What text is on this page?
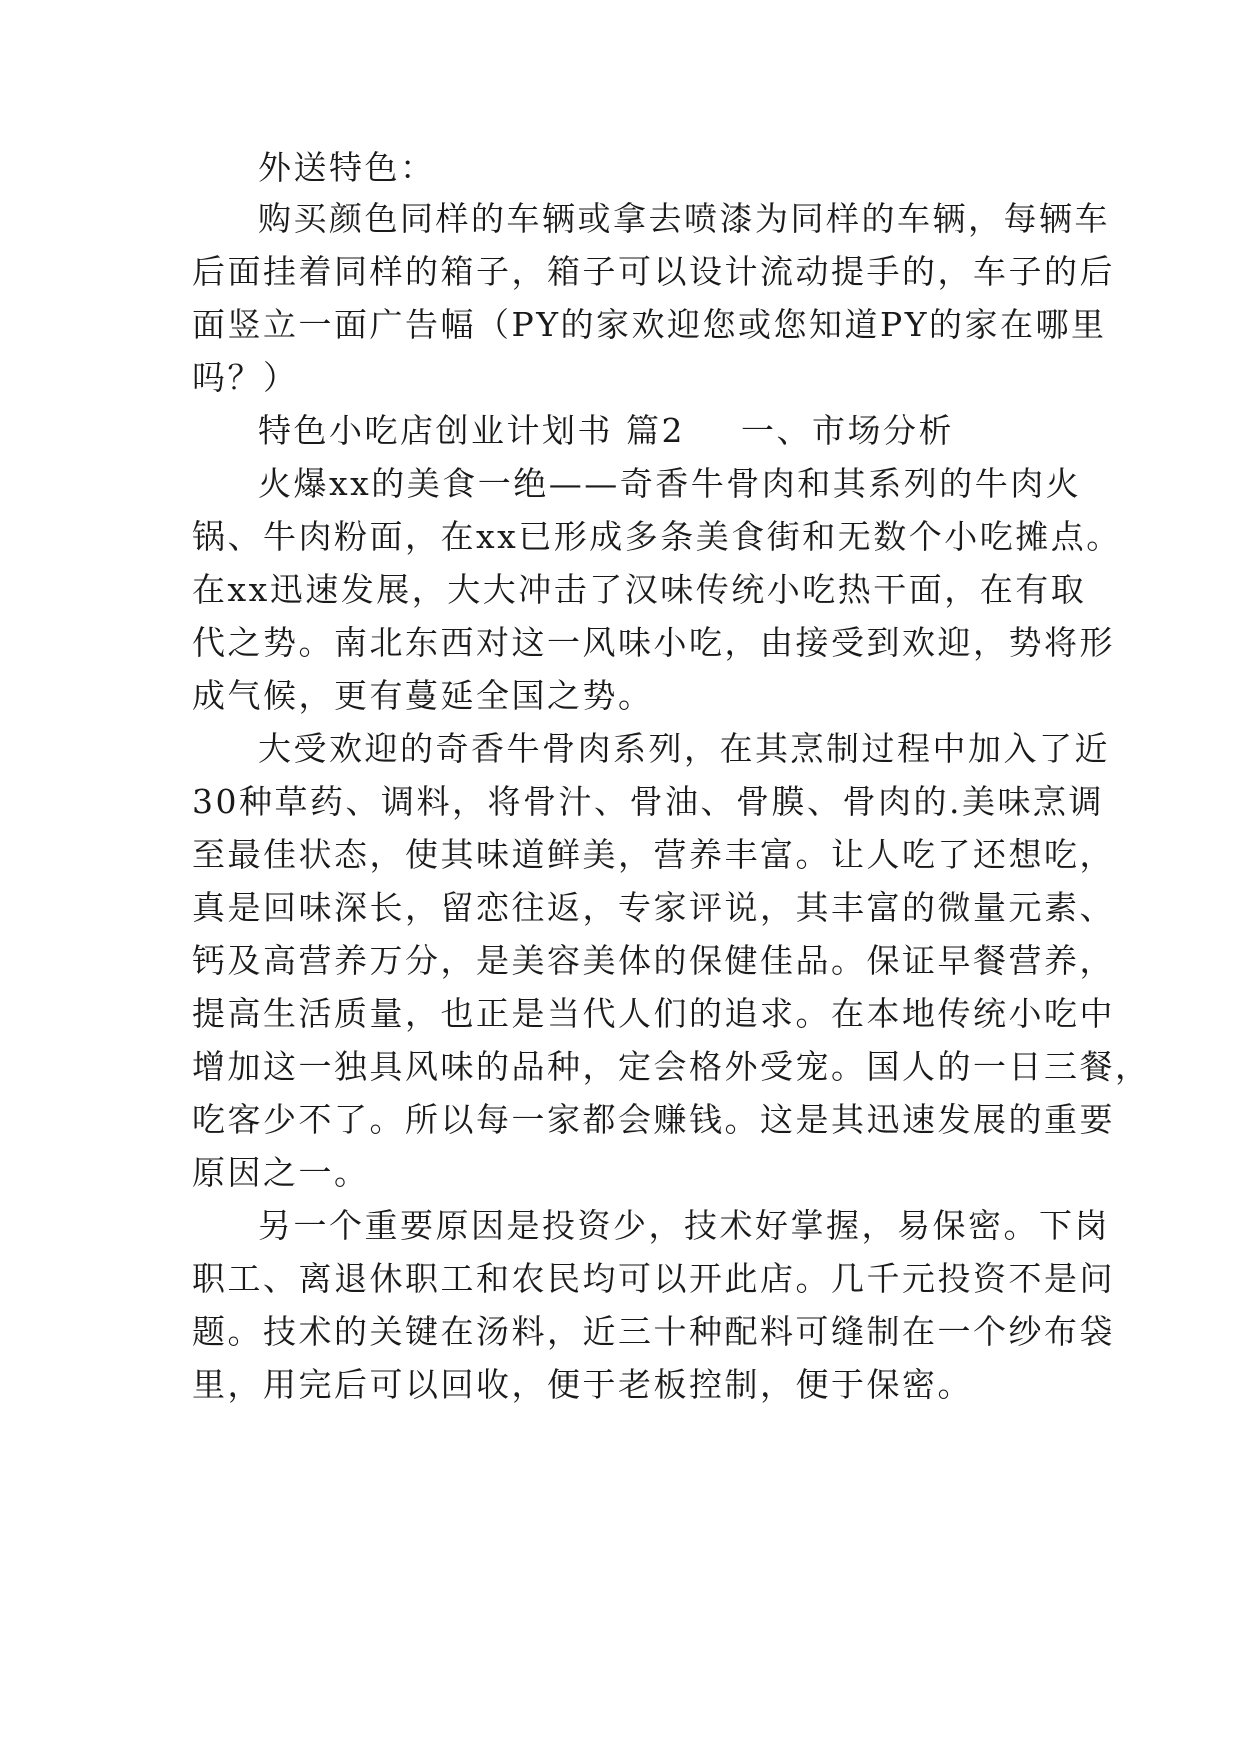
外送特色：
购买颜色同样的车辆或拿去喷漆为同样的车辆，每辆车
后面挂着同样的箱子，箱子可以设计流动提手的，车子的后
面竖立一面广告幅（PY的家欢迎您或您知道PY的家在哪里
吗？）
特色小吃店创业计划书 篇2 一、市场分析
火爆xx的美食一绝——奇香牛骨肉和其系列的牛肉火
锅、牛肉粉面，在xx已形成多条美食街和无数个小吃摊点。
在xx迅速发展，大大冲击了汉味传统小吃热干面，在有取
代之势。南北东西对这一风味小吃，由接受到欢迎，势将形
成气候，更有蔓延全国之势。
大受欢迎的奇香牛骨肉系列，在其烹制过程中加入了近
30种草药、调料，将骨汁、骨油、骨膜、骨肉的.美味烹调
至最佳状态，使其味道鲜美，营养丰富。让人吃了还想吃，
真是回味深长，留恋往返，专家评说，其丰富的微量元素、
钙及高营养万分，是美容美体的保健佳品。保证早餐营养，
提高生活质量，也正是当代人们的追求。在本地传统小吃中
增加这一独具风味的品种，定会格外受宠。国人的一日三餐，
吃客少不了。所以每一家都会赚钱。这是其迅速发展的重要
原因之一。
另一个重要原因是投资少，技术好掌握，易保密。下岗
职工、离退休职工和农民均可以开此店。几千元投资不是问
题。技术的关键在汤料，近三十种配料可缝制在一个纱布袋
里，用完后可以回收，便于老板控制，便于保密。
